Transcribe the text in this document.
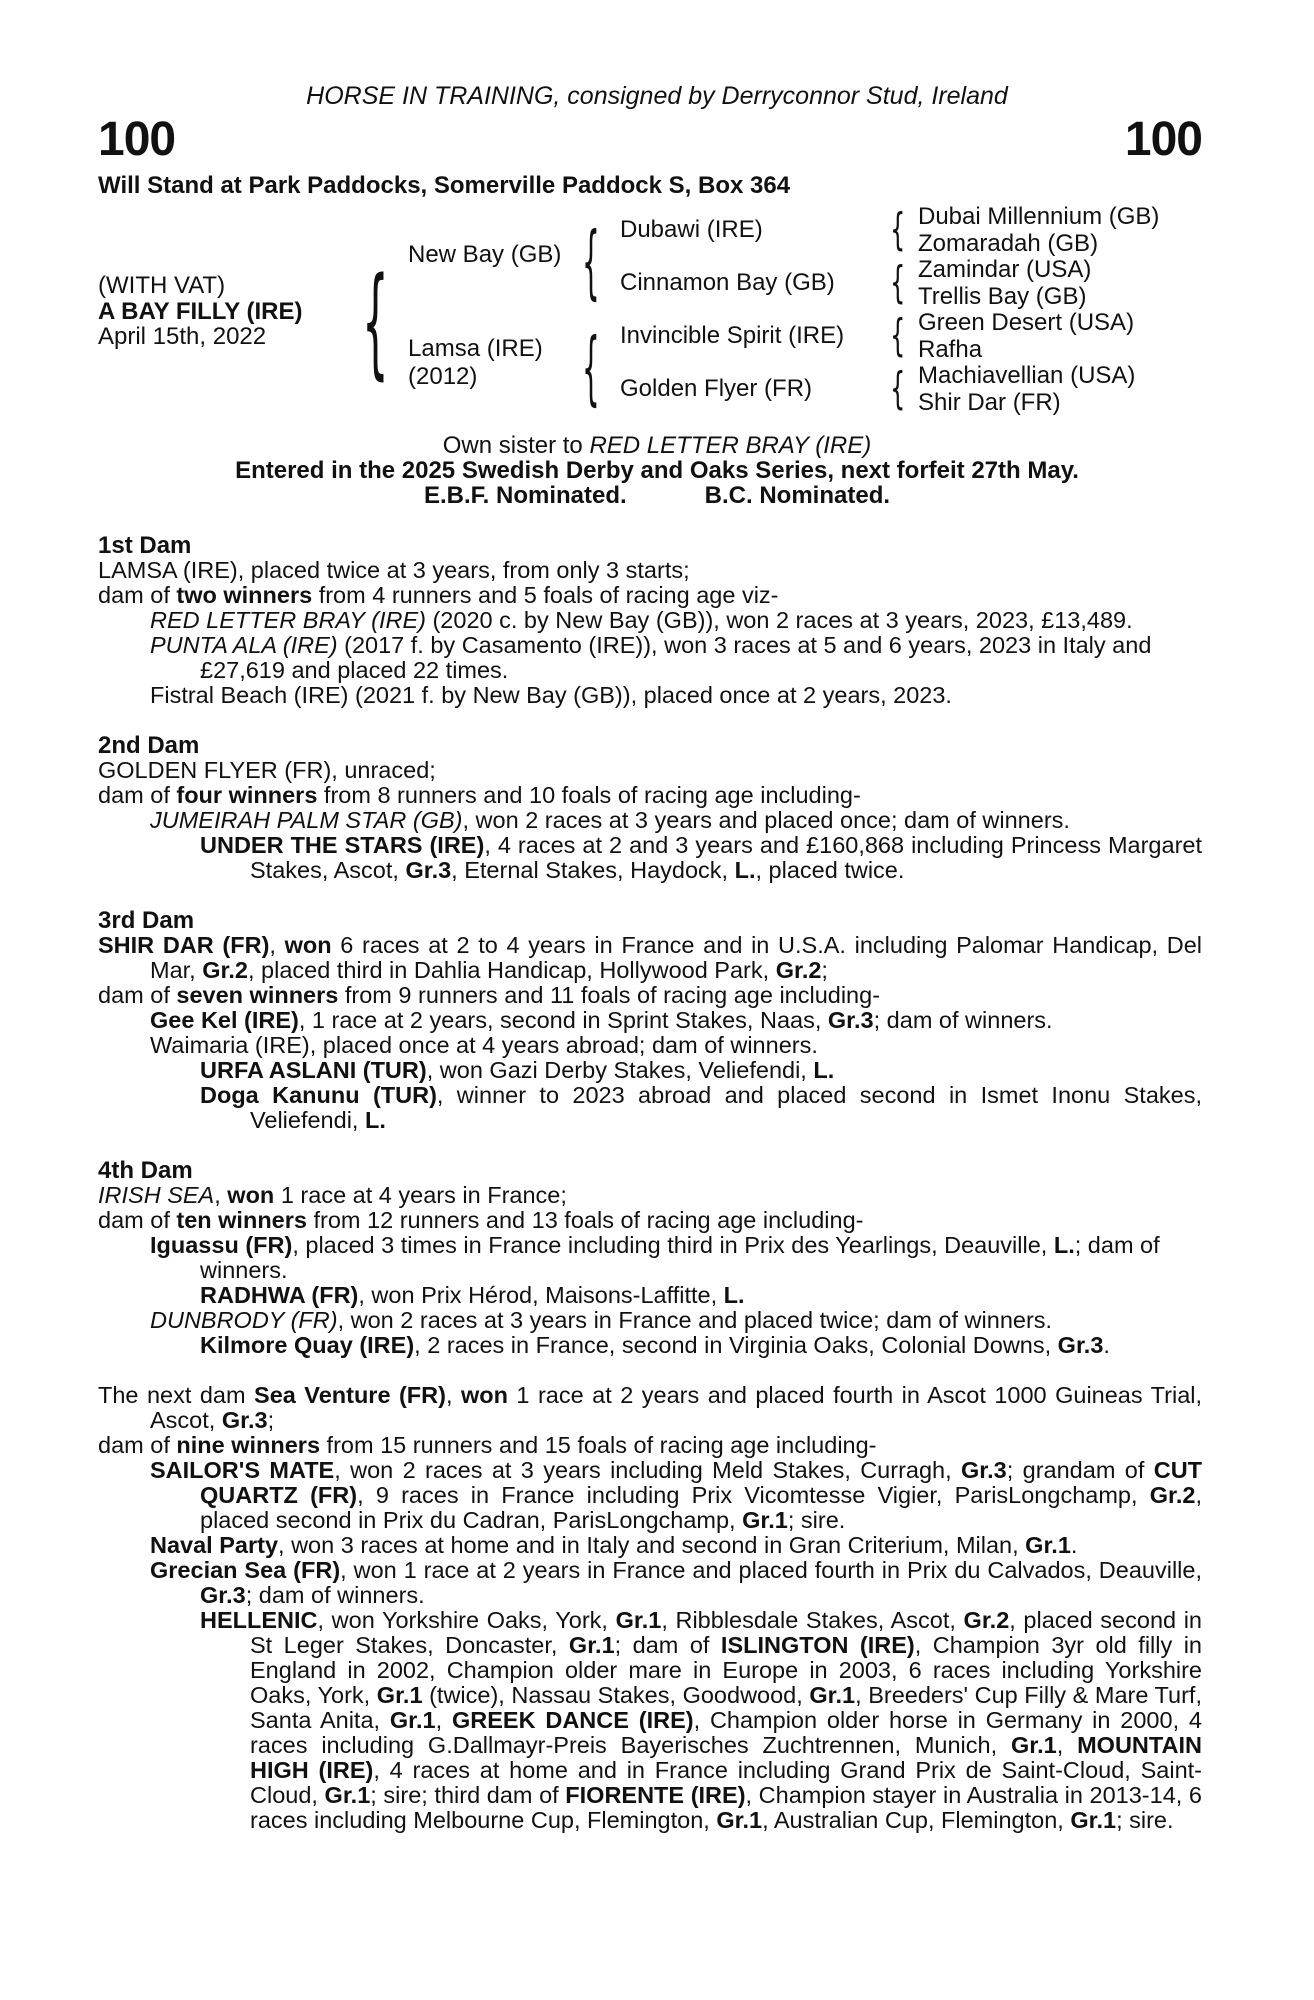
HORSE IN TRAINING, consigned by Derryconnor Stud, Ireland
100	100
Will Stand at Park Paddocks, Somerville Paddock S, Box 364
(WITH VAT)
A BAY FILLY (IRE)
April 15th, 2022 { New Bay (GB)
Lamsa (IRE)
(2012)
{
{
Dubawi (IRE)
Cinnamon Bay (GB)
Invincible Spirit (IRE)
Golden Flyer (FR)
{
{
{
{
Dubai Millennium (GB)
Zomaradah (GB)
Zamindar (USA)
Trellis Bay (GB)
Green Desert (USA)
Rafha
Machiavellian (USA)
Shir Dar (FR)
Own sister to RED LETTER BRAY (IRE)
Entered in the 2025 Swedish Derby and Oaks Series, next forfeit 27th May.
E.B.F. Nominated.	B.C. Nominated.

1st Dam

LAMSA (IRE), placed twice at 3 years, from only 3 starts;

dam of two winners from 4 runners and 5 foals of racing age viz-

RED LETTER BRAY (IRE) (2020 c. by New Bay (GB)), won 2 races at 3 years, 2023, £13,489.

PUNTA ALA (IRE) (2017 f. by Casamento (IRE)), won 3 races at 5 and 6 years, 2023 in Italy and £27,619 and placed 22 times.

Fistral Beach (IRE) (2021 f. by New Bay (GB)), placed once at 2 years, 2023.

2nd Dam

GOLDEN FLYER (FR), unraced;

dam of four winners from 8 runners and 10 foals of racing age including-

JUMEIRAH PALM STAR (GB), won 2 races at 3 years and placed once; dam of winners.

UNDER THE STARS (IRE), 4 races at 2 and 3 years and £160,868 including Princess Margaret Stakes, Ascot, Gr.3, Eternal Stakes, Haydock, L., placed twice.

3rd Dam

SHIR DAR (FR), won 6 races at 2 to 4 years in France and in U.S.A. including Palomar Handicap, Del Mar, Gr.2, placed third in Dahlia Handicap, Hollywood Park, Gr.2;

dam of seven winners from 9 runners and 11 foals of racing age including-

Gee Kel (IRE), 1 race at 2 years, second in Sprint Stakes, Naas, Gr.3; dam of winners.

Waimaria (IRE), placed once at 4 years abroad; dam of winners.

URFA ASLANI (TUR), won Gazi Derby Stakes, Veliefendi, L.

Doga Kanunu (TUR), winner to 2023 abroad and placed second in Ismet Inonu Stakes, Veliefendi, L.

4th Dam

IRISH SEA, won 1 race at 4 years in France;

dam of ten winners from 12 runners and 13 foals of racing age including-

Iguassu (FR), placed 3 times in France including third in Prix des Yearlings, Deauville, L.; dam of winners.

RADHWA (FR), won Prix Hérod, Maisons-Laffitte, L.

DUNBRODY (FR), won 2 races at 3 years in France and placed twice; dam of winners.

Kilmore Quay (IRE), 2 races in France, second in Virginia Oaks, Colonial Downs, Gr.3.

The next dam Sea Venture (FR), won 1 race at 2 years and placed fourth in Ascot 1000 Guineas Trial, Ascot, Gr.3;

dam of nine winners from 15 runners and 15 foals of racing age including-

SAILOR'S MATE, won 2 races at 3 years including Meld Stakes, Curragh, Gr.3; grandam of CUT QUARTZ (FR), 9 races in France including Prix Vicomtesse Vigier, ParisLongchamp, Gr.2, placed second in Prix du Cadran, ParisLongchamp, Gr.1; sire.

Naval Party, won 3 races at home and in Italy and second in Gran Criterium, Milan, Gr.1.

Grecian Sea (FR), won 1 race at 2 years in France and placed fourth in Prix du Calvados, Deauville, Gr.3; dam of winners.

HELLENIC, won Yorkshire Oaks, York, Gr.1, Ribblesdale Stakes, Ascot, Gr.2, placed second in St Leger Stakes, Doncaster, Gr.1; dam of ISLINGTON (IRE), Champion 3yr old filly in England in 2002, Champion older mare in Europe in 2003, 6 races including Yorkshire Oaks, York, Gr.1 (twice), Nassau Stakes, Goodwood, Gr.1, Breeders' Cup Filly & Mare Turf, Santa Anita, Gr.1, GREEK DANCE (IRE), Champion older horse in Germany in 2000, 4 races including G.Dallmayr-Preis Bayerisches Zuchtrennen, Munich, Gr.1, MOUNTAIN HIGH (IRE), 4 races at home and in France including Grand Prix de Saint-Cloud, Saint-Cloud, Gr.1; sire; third dam of FIORENTE (IRE), Champion stayer in Australia in 2013-14, 6 races including Melbourne Cup, Flemington, Gr.1, Australian Cup, Flemington, Gr.1; sire.
